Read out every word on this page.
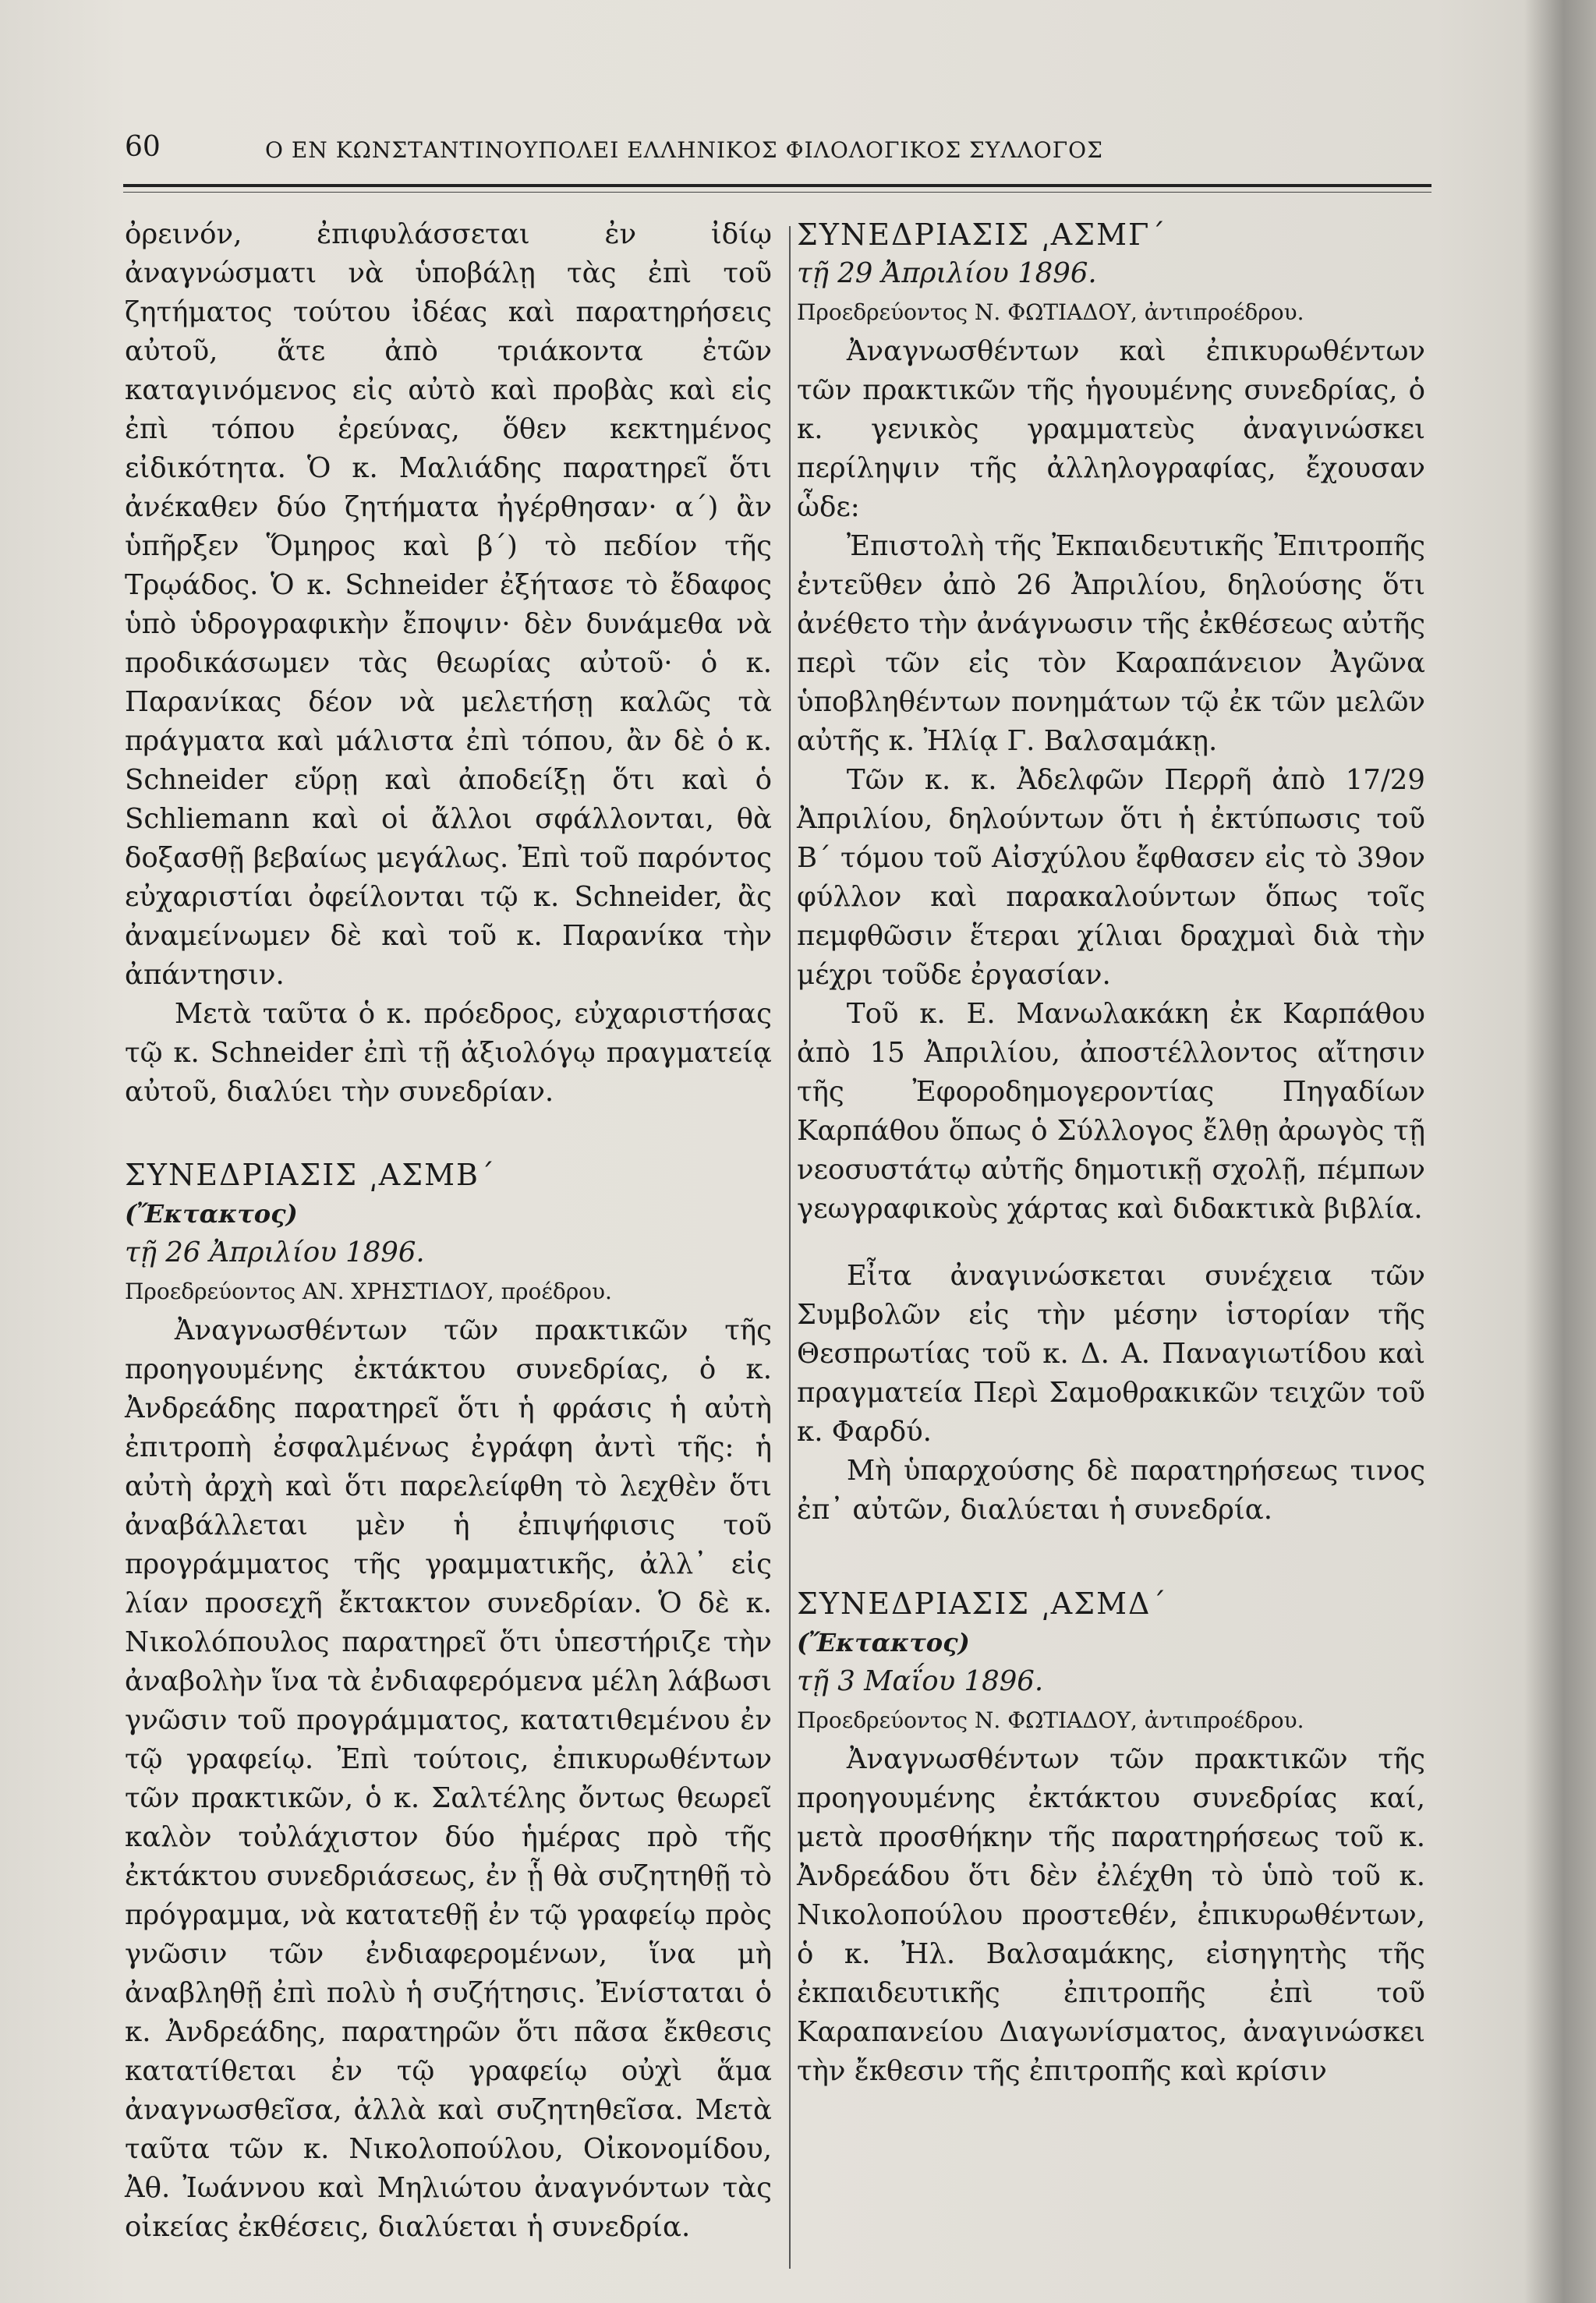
60	Ο ΕΝ ΚΩΝΣΤΑΝΤΙΝΟΥΠΟΛΕΙ ΕΛΛΗΝΙΚΟΣ ΦΙΛΟΛΟΓΙΚΟΣ ΣΥΛΛΟΓΟΣ

ὀρεινόν, ἐπιφυλάσσεται ἐν ἰδίῳ ἀναγνώσματι νὰ ὑποβάλῃ τὰς ἐπὶ τοῦ ζητήματος τούτου ἰδέας καὶ παρατηρήσεις αὐτοῦ, ἅτε ἀπὸ τριάκοντα ἐτῶν καταγινόμενος εἰς αὐτὸ καὶ προβὰς καὶ εἰς ἐπὶ τόπου ἐρεύνας, ὅθεν κεκτημένος εἰδικότητα. Ὁ κ. Μαλιάδης παρατηρεῖ ὅτι ἀνέκαθεν δύο ζητήματα ἠγέρθησαν· α΄) ἂν ὑπῆρξεν Ὅμηρος καὶ β΄) τὸ πεδίον τῆς Τρῳάδος. Ὁ κ. Schneider ἐξήτασε τὸ ἔδαφος ὑπὸ ὑδρογραφικὴν ἔποψιν· δὲν δυνάμεθα νὰ προδικάσωμεν τὰς θεωρίας αὐτοῦ· ὁ κ. Παρανίκας δέον νὰ μελετήσῃ καλῶς τὰ πράγματα καὶ μάλιστα ἐπὶ τόπου, ἂν δὲ ὁ κ. Schneider εὕρῃ καὶ ἀποδείξῃ ὅτι καὶ ὁ Schliemann καὶ οἱ ἄλλοι σφάλλονται, θὰ δοξασθῇ βεβαίως μεγάλως. Ἐπὶ τοῦ παρόντος εὐχαριστίαι ὀφείλονται τῷ κ. Schneider, ἂς ἀναμείνωμεν δὲ καὶ τοῦ κ. Παρανίκα τὴν ἀπάντησιν.

Μετὰ ταῦτα ὁ κ. πρόεδρος, εὐχαριστήσας τῷ κ. Schneider ἐπὶ τῇ ἀξιολόγῳ πραγματείᾳ αὐτοῦ, διαλύει τὴν συνεδρίαν.

ΣΥΝΕΔΡΙΑΣΙΣ ͵ΑΣΜΒ΄

(Ἔκτακτος)

τῇ 26 Ἀπριλίου 1896.

Προεδρεύοντος ΑΝ. ΧΡΗΣΤΙΔΟΥ, προέδρου.

Ἀναγνωσθέντων τῶν πρακτικῶν τῆς προηγουμένης ἐκτάκτου συνεδρίας, ὁ κ. Ἀνδρεάδης παρατηρεῖ ὅτι ἡ φράσις ἡ αὐτὴ ἐπιτροπὴ ἐσφαλμένως ἐγράφη ἀντὶ τῆς: ἡ αὐτὴ ἀρχὴ καὶ ὅτι παρελείφθη τὸ λεχθὲν ὅτι ἀναβάλλεται μὲν ἡ ἐπιψήφισις τοῦ προγράμματος τῆς γραμματικῆς, ἀλλ᾽ εἰς λίαν προσεχῆ ἔκτακτον συνεδρίαν. Ὁ δὲ κ. Νικολόπουλος παρατηρεῖ ὅτι ὑπεστήριζε τὴν ἀναβολὴν ἵνα τὰ ἐνδιαφερόμενα μέλη λάβωσι γνῶσιν τοῦ προγράμματος, κατατιθεμένου ἐν τῷ γραφείῳ. Ἐπὶ τούτοις, ἐπικυρωθέντων τῶν πρακτικῶν, ὁ κ. Σαλτέλης ὄντως θεωρεῖ καλὸν τοὐλάχιστον δύο ἡμέρας πρὸ τῆς ἐκτάκτου συνεδριάσεως, ἐν ᾗ θὰ συζητηθῇ τὸ πρόγραμμα, νὰ κατατεθῇ ἐν τῷ γραφείῳ πρὸς γνῶσιν τῶν ἐνδιαφερομένων, ἵνα μὴ ἀναβληθῇ ἐπὶ πολὺ ἡ συζήτησις. Ἐνίσταται ὁ κ. Ἀνδρεάδης, παρατηρῶν ὅτι πᾶσα ἔκθεσις κατατίθεται ἐν τῷ γραφείῳ οὐχὶ ἅμα ἀναγνωσθεῖσα, ἀλλὰ καὶ συζητηθεῖσα. Μετὰ ταῦτα τῶν κ. Νικολοπούλου, Οἰκονομίδου, Ἀθ. Ἰωάννου καὶ Μηλιώτου ἀναγνόντων τὰς οἰκείας ἐκθέσεις, διαλύεται ἡ συνεδρία.

ΣΥΝΕΔΡΙΑΣΙΣ ͵ΑΣΜΓ΄

τῇ 29 Ἀπριλίου 1896.

Προεδρεύοντος Ν. ΦΩΤΙΑΔΟΥ, ἀντιπροέδρου.

Ἀναγνωσθέντων καὶ ἐπικυρωθέντων τῶν πρακτικῶν τῆς ἡγουμένης συνεδρίας, ὁ κ. γενικὸς γραμματεὺς ἀναγινώσκει περίληψιν τῆς ἀλληλογραφίας, ἔχουσαν ὧδε:

Ἐπιστολὴ τῆς Ἐκπαιδευτικῆς Ἐπιτροπῆς ἐντεῦθεν ἀπὸ 26 Ἀπριλίου, δηλούσης ὅτι ἀνέθετο τὴν ἀνάγνωσιν τῆς ἐκθέσεως αὐτῆς περὶ τῶν εἰς τὸν Καραπάνειον Ἀγῶνα ὑποβληθέντων πονημάτων τῷ ἐκ τῶν μελῶν αὐτῆς κ. Ἠλίᾳ Γ. Βαλσαμάκῃ.

Τῶν κ. κ. Ἀδελφῶν Περρῆ ἀπὸ 17/29 Ἀπριλίου, δηλούντων ὅτι ἡ ἐκτύπωσις τοῦ Β΄ τόμου τοῦ Αἰσχύλου ἔφθασεν εἰς τὸ 39ον φύλλον καὶ παρακαλούντων ὅπως τοῖς πεμφθῶσιν ἕτεραι χίλιαι δραχμαὶ διὰ τὴν μέχρι τοῦδε ἐργασίαν.

Τοῦ κ. Ε. Μανωλακάκη ἐκ Καρπάθου ἀπὸ 15 Ἀπριλίου, ἀποστέλλοντος αἴτησιν τῆς Ἐφοροδημογεροντίας Πηγαδίων Καρπάθου ὅπως ὁ Σύλλογος ἔλθῃ ἀρωγὸς τῇ νεοσυστάτῳ αὐτῆς δημοτικῇ σχολῇ, πέμπων γεωγραφικοὺς χάρτας καὶ διδακτικὰ βιβλία.

Εἶτα ἀναγινώσκεται συνέχεια τῶν Συμβολῶν εἰς τὴν μέσην ἱστορίαν τῆς Θεσπρωτίας τοῦ κ. Δ. Α. Παναγιωτίδου καὶ πραγματεία Περὶ Σαμοθρακικῶν τειχῶν τοῦ κ. Φαρδύ.

Μὴ ὑπαρχούσης δὲ παρατηρήσεως τινος ἐπ᾽ αὐτῶν, διαλύεται ἡ συνεδρία.

ΣΥΝΕΔΡΙΑΣΙΣ ͵ΑΣΜΔ΄

(Ἔκτακτος)

τῇ 3 Μαΐου 1896.

Προεδρεύοντος Ν. ΦΩΤΙΑΔΟΥ, ἀντιπροέδρου.

Ἀναγνωσθέντων τῶν πρακτικῶν τῆς προηγουμένης ἐκτάκτου συνεδρίας καί, μετὰ προσθήκην τῆς παρατηρήσεως τοῦ κ. Ἀνδρεάδου ὅτι δὲν ἐλέχθη τὸ ὑπὸ τοῦ κ. Νικολοπούλου προστεθέν, ἐπικυρωθέντων, ὁ κ. Ἠλ. Βαλσαμάκης, εἰσηγητὴς τῆς ἐκπαιδευτικῆς ἐπιτροπῆς ἐπὶ τοῦ Καραπανείου Διαγωνίσματος, ἀναγινώσκει τὴν ἔκθεσιν τῆς ἐπιτροπῆς καὶ κρίσιν
